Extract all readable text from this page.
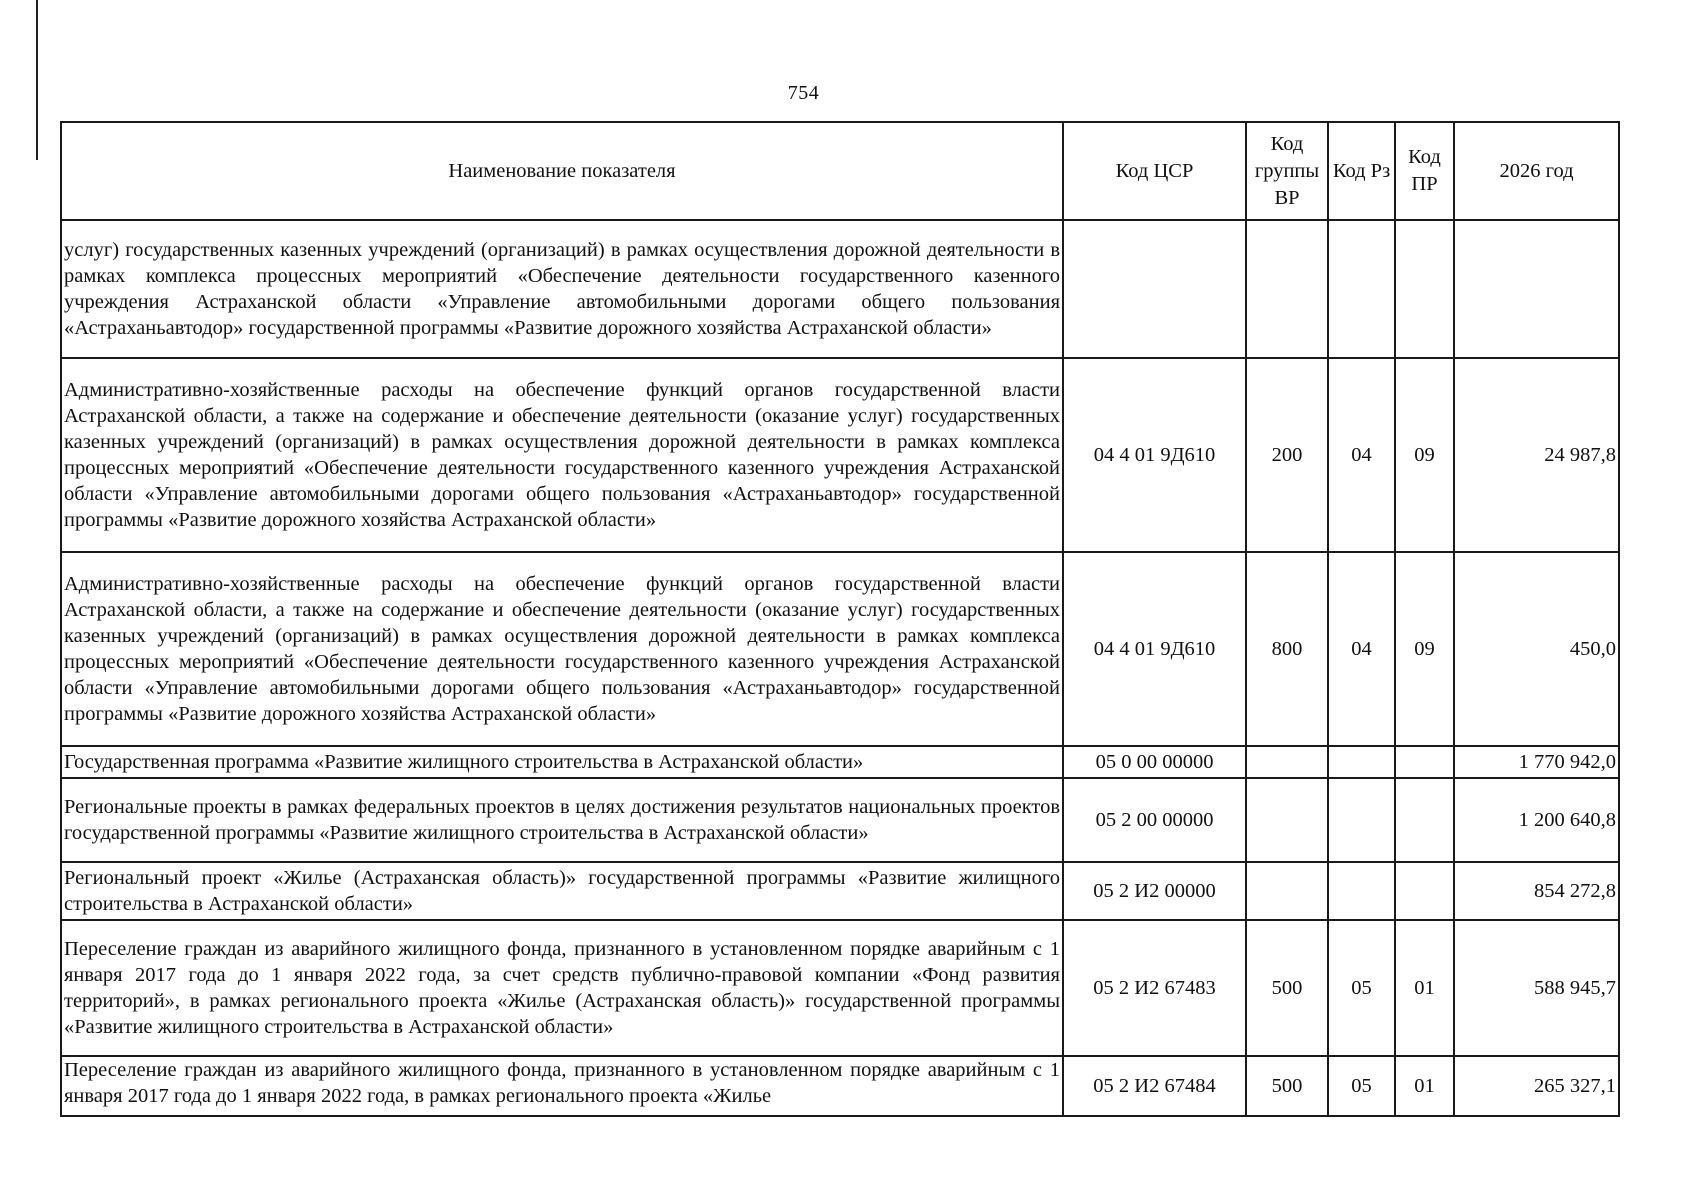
754
Наименование показателя	Код ЦСР	Код группы ВР	Код Рз	Код ПР	2026 год
услуг) государственных казенных учреждений (организаций) в рамках осуществления дорожной деятельности в рамках комплекса процессных мероприятий «Обеспечение деятельности государственного казенного учреждения Астраханской области «Управление автомобильными дорогами общего пользования «Астраханьавтодор» государственной программы «Развитие дорожного хозяйства Астраханской области»					
Административно-хозяйственные расходы на обеспечение функций органов государственной власти Астраханской области, а также на содержание и обеспечение деятельности (оказание услуг) государственных казенных учреждений (организаций) в рамках осуществления дорожной деятельности в рамках комплекса процессных мероприятий «Обеспечение деятельности государственного казенного учреждения Астраханской области «Управление автомобильными дорогами общего пользования «Астраханьавтодор» государственной программы «Развитие дорожного хозяйства Астраханской области»	04 4 01 9Д610	200	04	09	24 987,8
Административно-хозяйственные расходы на обеспечение функций органов государственной власти Астраханской области, а также на содержание и обеспечение деятельности (оказание услуг) государственных казенных учреждений (организаций) в рамках осуществления дорожной деятельности в рамках комплекса процессных мероприятий «Обеспечение деятельности государственного казенного учреждения Астраханской области «Управление автомобильными дорогами общего пользования «Астраханьавтодор» государственной программы «Развитие дорожного хозяйства Астраханской области»	04 4 01 9Д610	800	04	09	450,0
Государственная программа «Развитие жилищного строительства в Астраханской области»	05 0 00 00000				1 770 942,0
Региональные проекты в рамках федеральных проектов в целях достижения результатов национальных проектов государственной программы «Развитие жилищного строительства в Астраханской области»	05 2 00 00000				1 200 640,8
Региональный проект «Жилье (Астраханская область)» государственной программы «Развитие жилищного строительства в Астраханской области»	05 2 И2 00000				854 272,8
Переселение граждан из аварийного жилищного фонда, признанного в установленном порядке аварийным с 1 января 2017 года до 1 января 2022 года, за счет средств публично-правовой компании «Фонд развития территорий», в рамках регионального проекта «Жилье (Астраханская область)» государственной программы «Развитие жилищного строительства в Астраханской области»	05 2 И2 67483	500	05	01	588 945,7
Переселение граждан из аварийного жилищного фонда, признанного в установленном порядке аварийным с 1 января 2017 года до 1 января 2022 года, в рамках регионального проекта «Жилье	05 2 И2 67484	500	05	01	265 327,1
